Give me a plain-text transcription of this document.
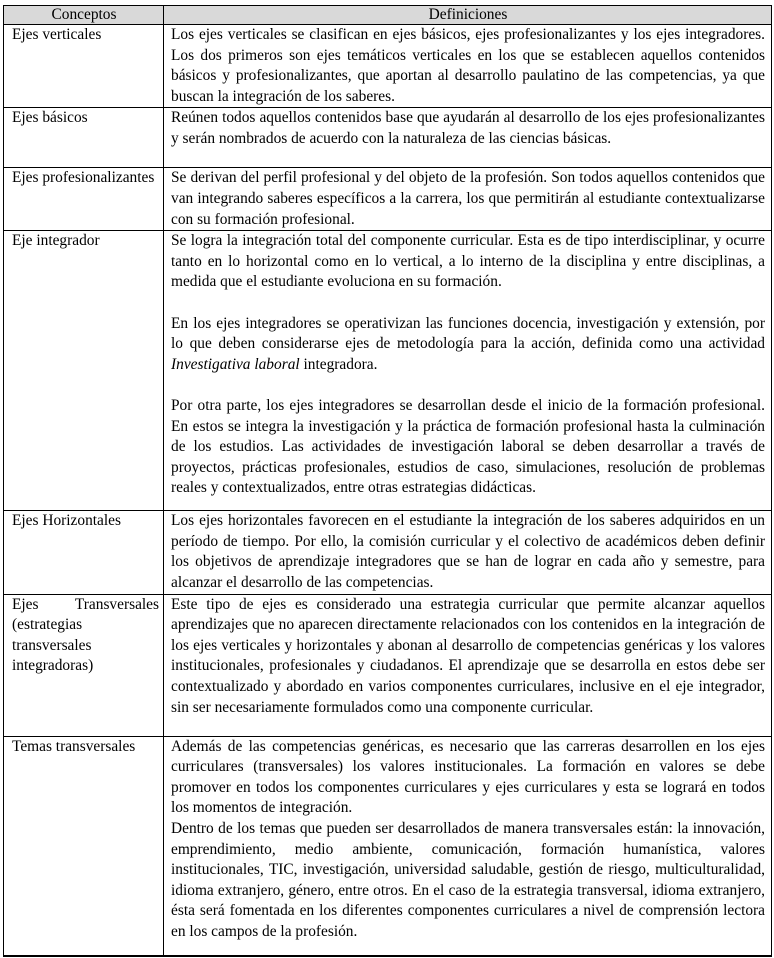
Conceptos	Definiciones
Ejes verticales	Los ejes verticales se clasifican en ejes básicos, ejes profesionalizantes y los ejes integradores. Los dos primeros son ejes temáticos verticales en los que se establecen aquellos contenidos básicos y profesionalizantes, que aportan al desarrollo paulatino de las competencias, ya que buscan la integración de los saberes.

Ejes básicos	Reúnen todos aquellos contenidos base que ayudarán al desarrollo de los ejes profesionalizantes y serán nombrados de acuerdo con la naturaleza de las ciencias básicas.

Ejes profesionalizantes	Se derivan del perfil profesional y del objeto de la profesión. Son todos aquellos contenidos que van integrando saberes específicos a la carrera, los que permitirán al estudiante contextualizarse con su formación profesional.

Eje integrador	Se logra la integración total del componente curricular. Esta es de tipo interdisciplinar, y ocurre tanto en lo horizontal como en lo vertical, a lo interno de la disciplina y entre disciplinas, a medida que el estudiante evoluciona en su formación.

En los ejes integradores se operativizan las funciones docencia, investigación y extensión, por lo que deben considerarse ejes de metodología para la acción, definida como una actividad Investigativa laboral integradora.

Por otra parte, los ejes integradores se desarrollan desde el inicio de la formación profesional. En estos se integra la investigación y la práctica de formación profesional hasta la culminación de los estudios. Las actividades de investigación laboral se deben desarrollar a través de proyectos, prácticas profesionales, estudios de caso, simulaciones, resolución de problemas reales y contextualizados, entre otras estrategias didácticas.

Ejes Horizontales	Los ejes horizontales favorecen en el estudiante la integración de los saberes adquiridos en un período de tiempo. Por ello, la comisión curricular y el colectivo de académicos deben definir los objetivos de aprendizaje integradores que se han de lograr en cada año y semestre, para alcanzar el desarrollo de las competencias.

Ejes Transversales (estrategias transversales integradoras)	Este tipo de ejes es considerado una estrategia curricular que permite alcanzar aquellos aprendizajes que no aparecen directamente relacionados con los contenidos en la integración de los ejes verticales y horizontales y abonan al desarrollo de competencias genéricas y los valores institucionales, profesionales y ciudadanos. El aprendizaje que se desarrolla en estos debe ser contextualizado y abordado en varios componentes curriculares, inclusive en el eje integrador, sin ser necesariamente formulados como una componente curricular.

Temas transversales	Además de las competencias genéricas, es necesario que las carreras desarrollen en los ejes curriculares (transversales) los valores institucionales. La formación en valores se debe promover en todos los componentes curriculares y ejes curriculares y esta se logrará en todos los momentos de integración.

Dentro de los temas que pueden ser desarrollados de manera transversales están: la innovación, emprendimiento, medio ambiente, comunicación, formación humanística, valores institucionales, TIC, investigación, universidad saludable, gestión de riesgo, multiculturalidad, idioma extranjero, género, entre otros. En el caso de la estrategia transversal, idioma extranjero, ésta será fomentada en los diferentes componentes curriculares a nivel de comprensión lectora en los campos de la profesión.
